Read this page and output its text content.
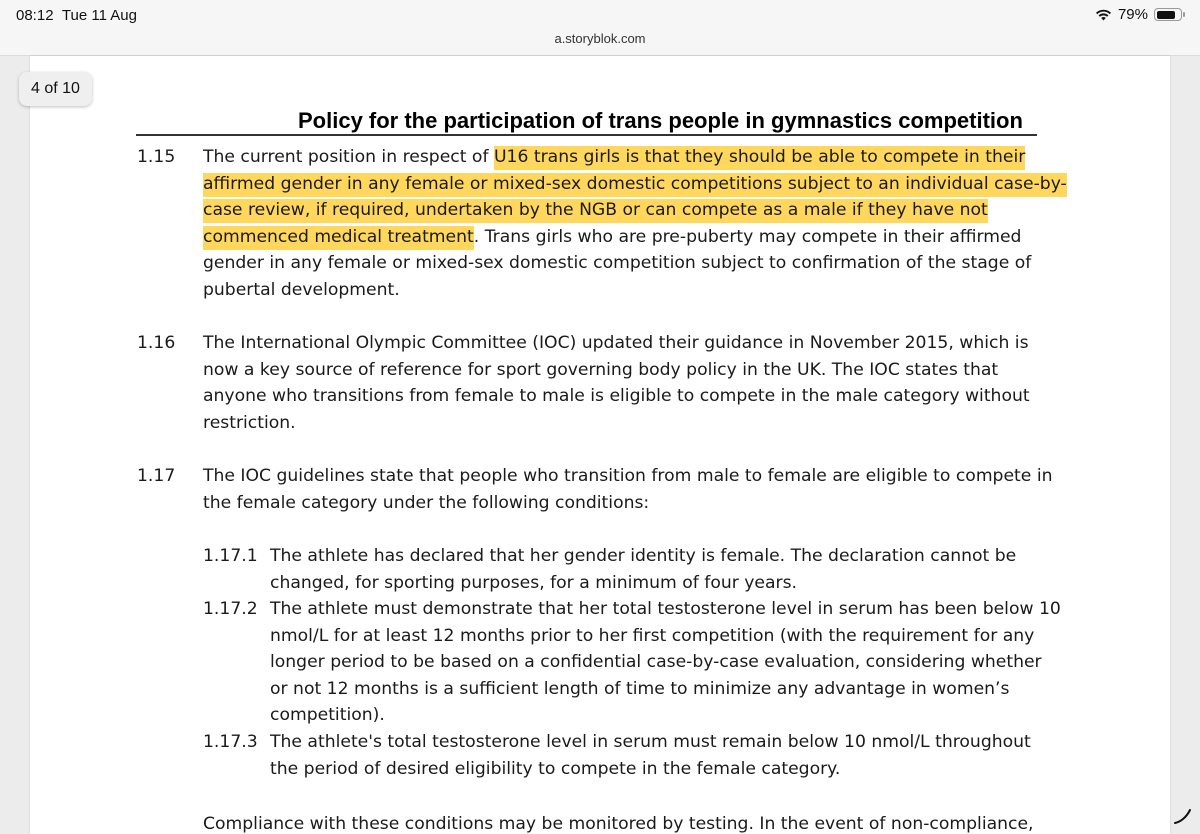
08:12 Tue 11 Aug	79%
a.storyblok.com
Policy for the participation of trans people in gymnastics competition
1.15 The current position in respect of U16 trans girls is that they should be able to compete in their
affirmed gender in any female or mixed-sex domestic competitions subject to an individual case-by-
case review, if required, undertaken by the NGB or can compete as a male if they have not
commenced medical treatment. Trans girls who are pre-puberty may compete in their affirmed
gender in any female or mixed-sex domestic competition subject to confirmation of the stage of
pubertal development.
1.16 The International Olympic Committee (IOC) updated their guidance in November 2015, which is
now a key source of reference for sport governing body policy in the UK. The IOC states that
anyone who transitions from female to male is eligible to compete in the male category without
restriction.
1.17 The IOC guidelines state that people who transition from male to female are eligible to compete in
the female category under the following conditions:
1.17.1 The athlete has declared that her gender identity is female. The declaration cannot be
changed, for sporting purposes, for a minimum of four years.
1.17.2 The athlete must demonstrate that her total testosterone level in serum has been below 10
nmol/L for at least 12 months prior to her first competition (with the requirement for any
longer period to be based on a confidential case-by-case evaluation, considering whether
or not 12 months is a sufficient length of time to minimize any advantage in women’s
competition).
1.17.3 The athlete's total testosterone level in serum must remain below 10 nmol/L throughout
the period of desired eligibility to compete in the female category.
Compliance with these conditions may be monitored by testing. In the event of non-compliance,
4 of 10
